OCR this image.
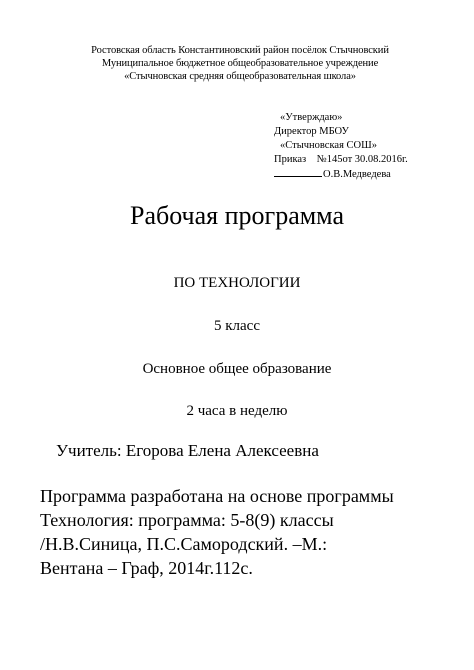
Ростовская область Константиновский район посёлок Стычновский
Муниципальное бюджетное общеобразовательное учреждение
«Стычновская средняя общеобразовательная школа»
«Утверждаю»
Директор МБОУ
«Стычновская СОШ»
Приказ    №145от 30.08.2016г.
О.В.Медведева
Рабочая программа
ПО ТЕХНОЛОГИИ
5 класс
Основное общее образование
2 часа в неделю
Учитель: Егорова Елена Алексеевна
Программа разработана на основе программы
Технология: программа: 5-8(9) классы
/Н.В.Синица, П.С.Самородский. –М.:
Вентана – Граф, 2014г.112с.
